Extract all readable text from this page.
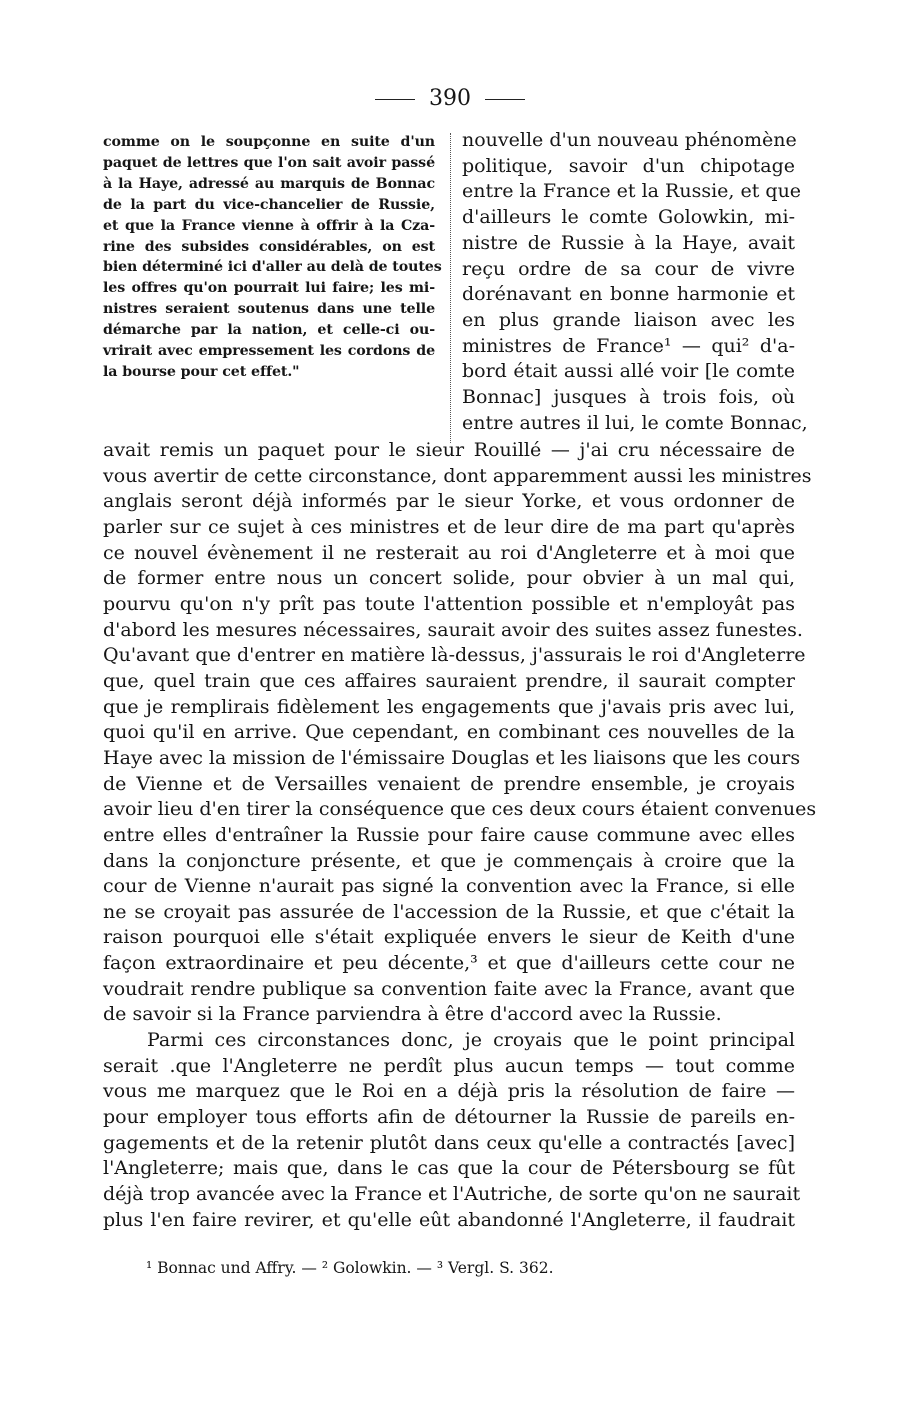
390
comme on le soupçonne en suite d'un
paquet de lettres que l'on sait avoir passé
à la Haye, adressé au marquis de Bonnac
de la part du vice-chancelier de Russie,
et que la France vienne à offrir à la Cza-
rine des subsides considérables, on est
bien déterminé ici d'aller au delà de toutes
les offres qu'on pourrait lui faire; les mi-
nistres seraient soutenus dans une telle
démarche par la nation, et celle-ci ou-
vrirait avec empressement les cordons de
la bourse pour cet effet."
nouvelle d'un nouveau phénomène
politique, savoir d'un chipotage
entre la France et la Russie, et que
d'ailleurs le comte Golowkin, mi-
nistre de Russie à la Haye, avait
reçu ordre de sa cour de vivre
dorénavant en bonne harmonie et
en plus grande liaison avec les
ministres de France¹ — qui² d'a-
bord était aussi allé voir [le comte
Bonnac] jusques à trois fois, où
entre autres il lui, le comte Bonnac,
avait remis un paquet pour le sieur Rouillé — j'ai cru nécessaire de
vous avertir de cette circonstance, dont apparemment aussi les ministres
anglais seront déjà informés par le sieur Yorke, et vous ordonner de
parler sur ce sujet à ces ministres et de leur dire de ma part qu'après
ce nouvel évènement il ne resterait au roi d'Angleterre et à moi que
de former entre nous un concert solide, pour obvier à un mal qui,
pourvu qu'on n'y prît pas toute l'attention possible et n'employât pas
d'abord les mesures nécessaires, saurait avoir des suites assez funestes.
Qu'avant que d'entrer en matière là-dessus, j'assurais le roi d'Angleterre
que, quel train que ces affaires sauraient prendre, il saurait compter
que je remplirais fidèlement les engagements que j'avais pris avec lui,
quoi qu'il en arrive. Que cependant, en combinant ces nouvelles de la
Haye avec la mission de l'émissaire Douglas et les liaisons que les cours
de Vienne et de Versailles venaient de prendre ensemble, je croyais
avoir lieu d'en tirer la conséquence que ces deux cours étaient convenues
entre elles d'entraîner la Russie pour faire cause commune avec elles
dans la conjoncture présente, et que je commençais à croire que la
cour de Vienne n'aurait pas signé la convention avec la France, si elle
ne se croyait pas assurée de l'accession de la Russie, et que c'était la
raison pourquoi elle s'était expliquée envers le sieur de Keith d'une
façon extraordinaire et peu décente,³ et que d'ailleurs cette cour ne
voudrait rendre publique sa convention faite avec la France, avant que
de savoir si la France parviendra à être d'accord avec la Russie.
Parmi ces circonstances donc, je croyais que le point principal
serait .que l'Angleterre ne perdît plus aucun temps — tout comme
vous me marquez que le Roi en a déjà pris la résolution de faire —
pour employer tous efforts afin de détourner la Russie de pareils en-
gagements et de la retenir plutôt dans ceux qu'elle a contractés [avec]
l'Angleterre; mais que, dans le cas que la cour de Pétersbourg se fût
déjà trop avancée avec la France et l'Autriche, de sorte qu'on ne saurait
plus l'en faire revirer, et qu'elle eût abandonné l'Angleterre, il faudrait
¹ Bonnac und Affry. — ² Golowkin. — ³ Vergl. S. 362.
